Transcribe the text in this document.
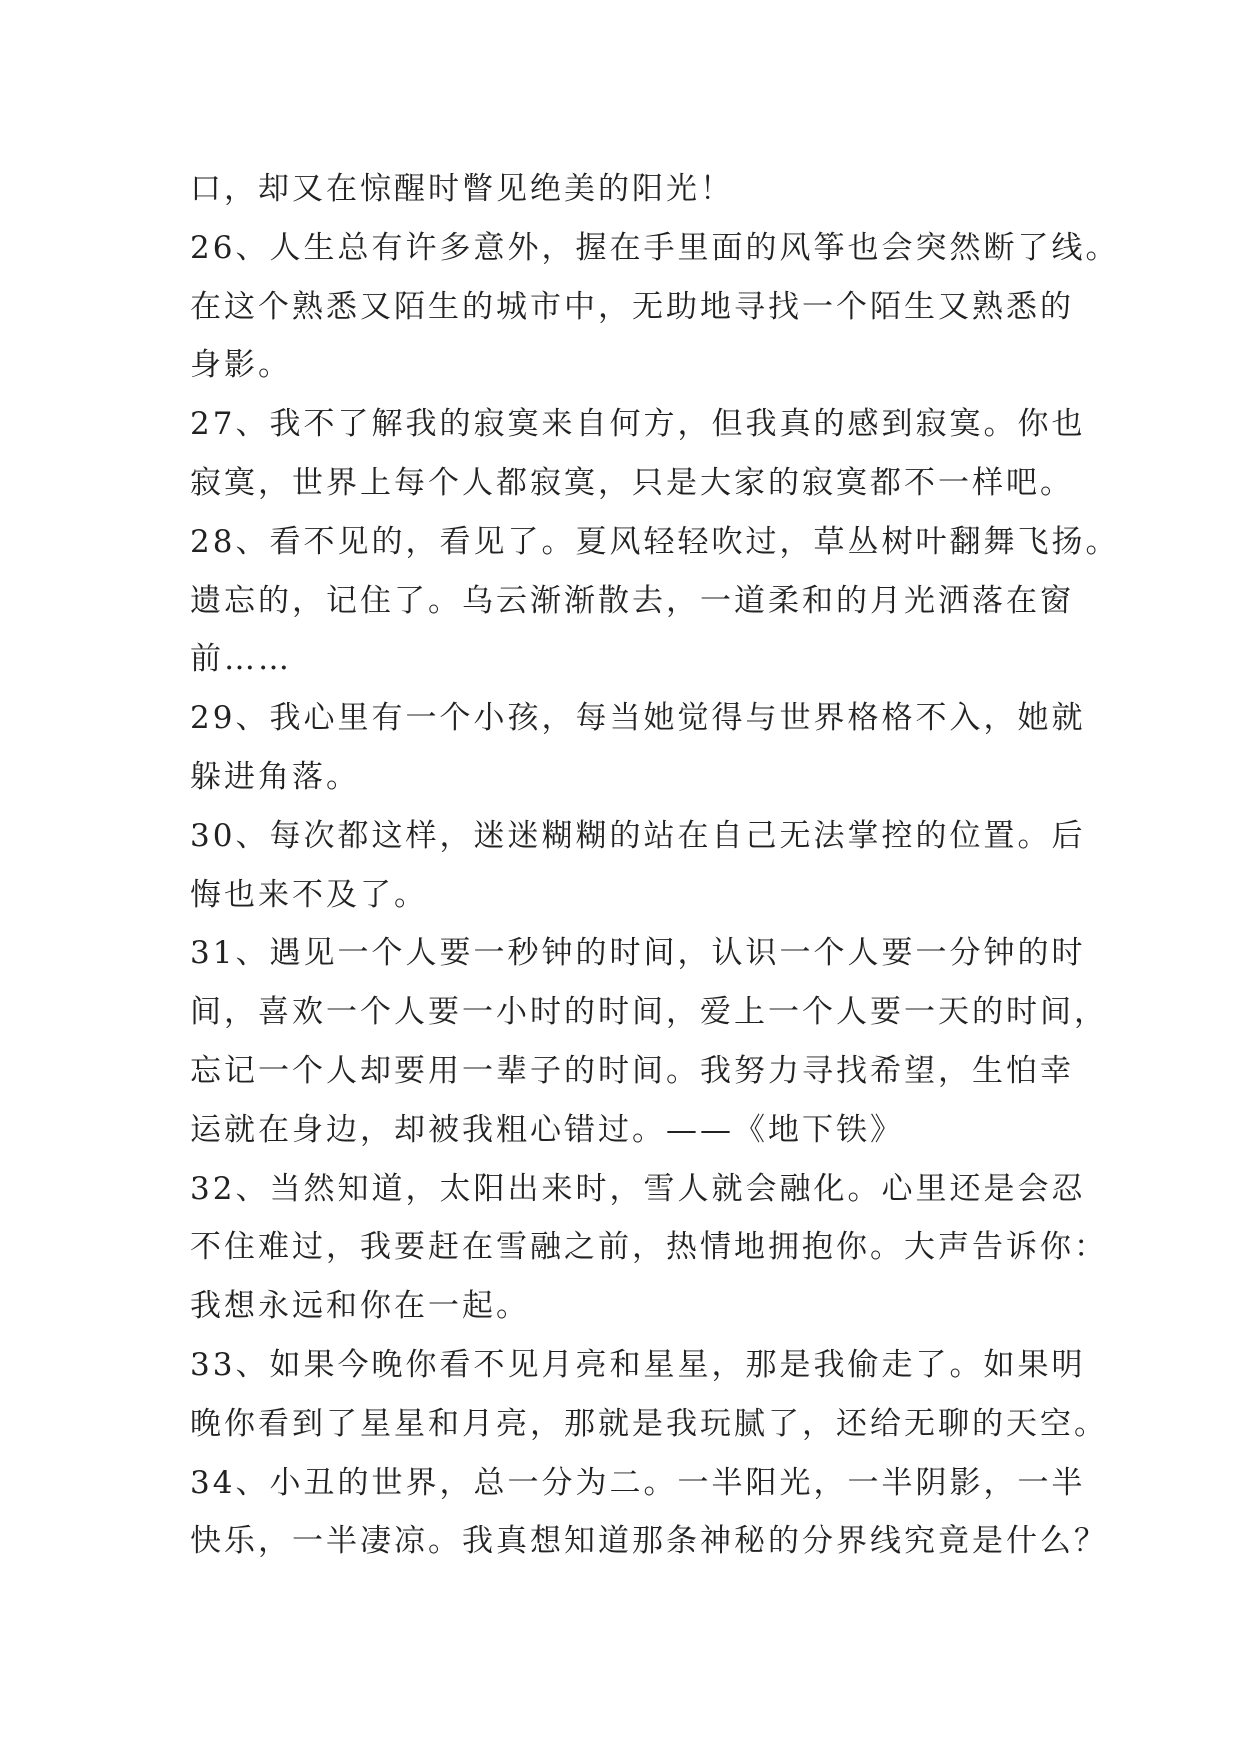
口，却又在惊醒时瞥见绝美的阳光！
26、人生总有许多意外，握在手里面的风筝也会突然断了线。
在这个熟悉又陌生的城市中，无助地寻找一个陌生又熟悉的
身影。
27、我不了解我的寂寞来自何方，但我真的感到寂寞。你也
寂寞，世界上每个人都寂寞，只是大家的寂寞都不一样吧。
28、看不见的，看见了。夏风轻轻吹过，草丛树叶翻舞飞扬。
遗忘的，记住了。乌云渐渐散去，一道柔和的月光洒落在窗
前……
29、我心里有一个小孩，每当她觉得与世界格格不入，她就
躲进角落。
30、每次都这样，迷迷糊糊的站在自己无法掌控的位置。后
悔也来不及了。
31、遇见一个人要一秒钟的时间，认识一个人要一分钟的时
间，喜欢一个人要一小时的时间，爱上一个人要一天的时间，
忘记一个人却要用一辈子的时间。我努力寻找希望，生怕幸
运就在身边，却被我粗心错过。——《地下铁》
32、当然知道，太阳出来时，雪人就会融化。心里还是会忍
不住难过，我要赶在雪融之前，热情地拥抱你。大声告诉你：
我想永远和你在一起。
33、如果今晚你看不见月亮和星星，那是我偷走了。如果明
晚你看到了星星和月亮，那就是我玩腻了，还给无聊的天空。
34、小丑的世界，总一分为二。一半阳光，一半阴影，一半
快乐，一半凄凉。我真想知道那条神秘的分界线究竟是什么？
